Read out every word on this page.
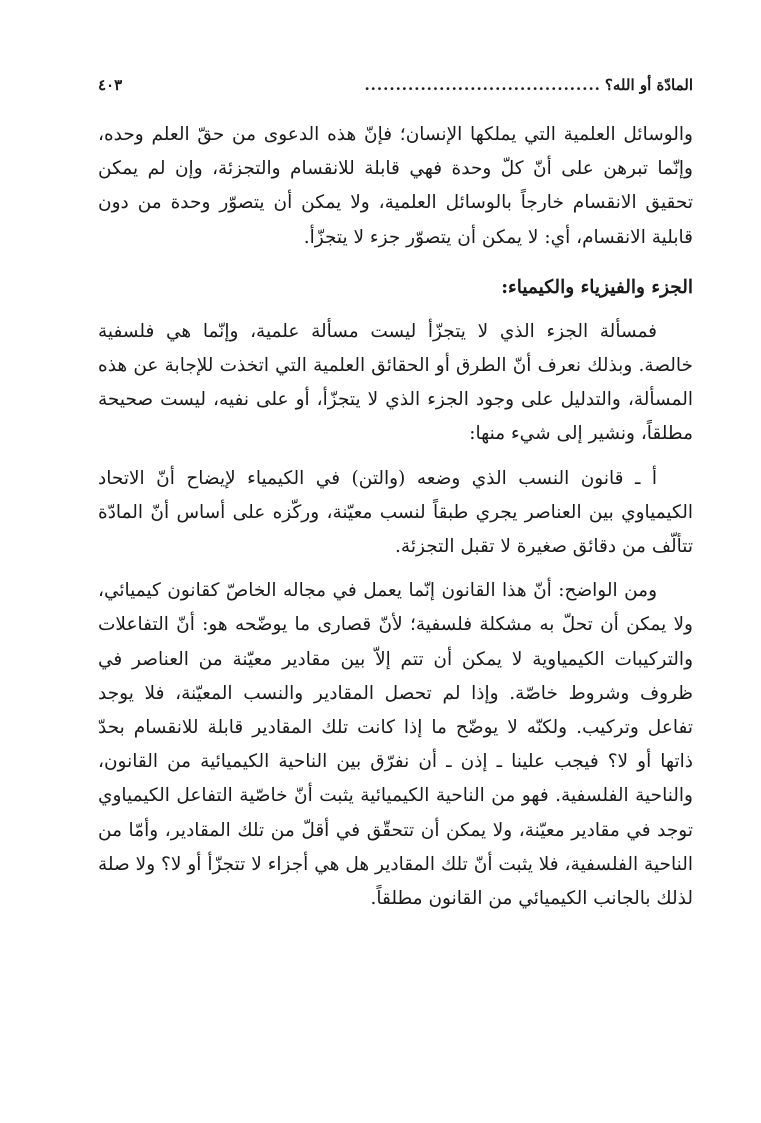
المادّة أو الله؟
......................................
٤٠٣

والوسائل العلمية التي يملكها الإنسان؛ فإنّ هذه الدعوى من حقّ العلم وحده، وإنّما تبرهن على أنّ كلّ وحدة فهي قابلة للانقسام والتجزئة، وإن لم يمكن تحقيق الانقسام خارجاً بالوسائل العلمية، ولا يمكن أن يتصوّر وحدة من دون قابلية الانقسام، أي: لا يمكن أن يتصوّر جزء لا يتجزّأ.

الجزء والفيزياء والكيمياء:

فمسألة الجزء الذي لا يتجزّأ ليست مسألة علمية، وإنّما هي فلسفية خالصة. وبذلك نعرف أنّ الطرق أو الحقائق العلمية التي اتخذت للإجابة عن هذه المسألة، والتدليل على وجود الجزء الذي لا يتجزّأ، أو على نفيه، ليست صحيحة مطلقاً، ونشير إلى شيء منها:

أ ـ قانون النسب الذي وضعه (والتن) في الكيمياء لإيضاح أنّ الاتحاد الكيمياوي بين العناصر يجري طبقاً لنسب معيّنة، وركّزه على أساس أنّ المادّة تتألّف من دقائق صغيرة لا تقبل التجزئة.

ومن الواضح: أنّ هذا القانون إنّما يعمل في مجاله الخاصّ كقانون كيميائي، ولا يمكن أن تحلّ به مشكلة فلسفية؛ لأنّ قصارى ما يوضّحه هو: أنّ التفاعلات والتركيبات الكيمياوية لا يمكن أن تتم إلاّ بين مقادير معيّنة من العناصر في ظروف وشروط خاصّة. وإذا لم تحصل المقادير والنسب المعيّنة، فلا يوجد تفاعل وتركيب. ولكنّه لا يوضّح ما إذا كانت تلك المقادير قابلة للانقسام بحدّ ذاتها أو لا؟ فيجب علينا ـ إذن ـ أن نفرّق بين الناحية الكيميائية من القانون، والناحية الفلسفية. فهو من الناحية الكيميائية يثبت أنّ خاصّية التفاعل الكيمياوي توجد في مقادير معيّنة، ولا يمكن أن تتحقّق في أقلّ من تلك المقادير، وأمّا من الناحية الفلسفية، فلا يثبت أنّ تلك المقادير هل هي أجزاء لا تتجزّأ أو لا؟ ولا صلة لذلك بالجانب الكيميائي من القانون مطلقاً.
